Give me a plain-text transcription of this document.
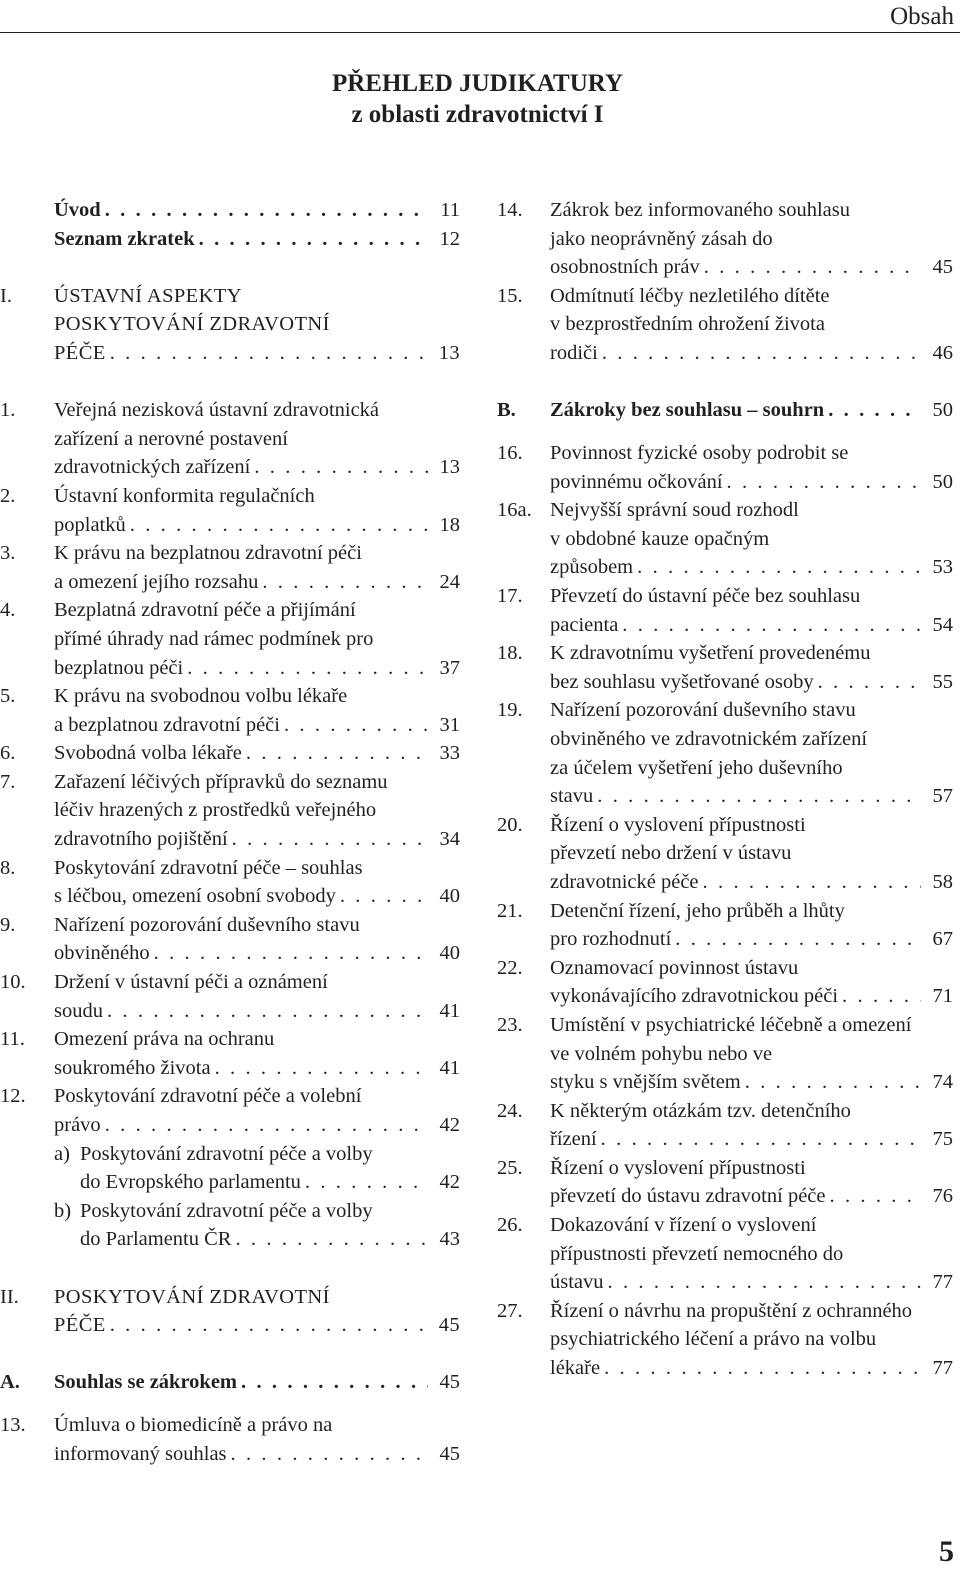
Obsah
PŘEHLED JUDIKATURY
z oblasti zdravotnictví I
Úvod . . .	11
Seznam zkratek . . .	12
I.	ÚSTAVNÍ ASPEKTY
POSKYTOVÁNÍ ZDRAVOTNÍ
PÉČE . . .	13
1.	Veřejná nezisková ústavní zdravotnická
zařízení a nerovné postavení
zdravotnických zařízení . . .	13
2.	Ústavní konformita regulačních
poplatků . . .	18
3.	K právu na bezplatnou zdravotní péči
a omezení jejího rozsahu . . .	24
4.	Bezplatná zdravotní péče a přijímání
přímé úhrady nad rámec podmínek pro
bezplatnou péči . . .	37
5.	K právu na svobodnou volbu lékaře
a bezplatnou zdravotní péči . . .	31
6.	Svobodná volba lékaře . . .	33
7.	Zařazení léčivých přípravků do seznamu
léčiv hrazených z prostředků veřejného
zdravotního pojištění . . .	34
8.	Poskytování zdravotní péče – souhlas
s léčbou, omezení osobní svobody . . .	40
9.	Nařízení pozorování duševního stavu
obviněného . . .	40
10.	Držení v ústavní péči a oznámení
soudu . . .	41
11.	Omezení práva na ochranu
soukromého života . . .	41
12.	Poskytování zdravotní péče a volební
právo . . .	42
a) Poskytování zdravotní péče a volby
do Evropského parlamentu . . .	42
b) Poskytování zdravotní péče a volby
do Parlamentu ČR . . .	43
II.	POSKYTOVÁNÍ ZDRAVOTNÍ
PÉČE . . .	45
A.	Souhlas se zákrokem . . .	45
13.	Úmluva o biomedicíně a právo na
informovaný souhlas . . .	45
14.	Zákrok bez informovaného souhlasu
jako neoprávněný zásah do
osobnostních práv . . .	45
15.	Odmítnutí léčby nezletilého dítěte
v bezprostředním ohrožení života
rodiči . . .	46
B.	Zákroky bez souhlasu – souhrn . . .	50
16.	Povinnost fyzické osoby podrobit se
povinnému očkování . . .	50
16a. Nejvyšší správní soud rozhodl
v obdobné kauze opačným
způsobem . . .	53
17.	Převzetí do ústavní péče bez souhlasu
pacienta . . .	54
18.	K zdravotnímu vyšetření provedenému
bez souhlasu vyšetřované osoby . . .	55
19.	Nařízení pozorování duševního stavu
obviněného ve zdravotnickém zařízení
za účelem vyšetření jeho duševního
stavu . . .	57
20.	Řízení o vyslovení přípustnosti
převzetí nebo držení v ústavu
zdravotnické péče . . .	58
21.	Detenční řízení, jeho průběh a lhůty
pro rozhodnutí . . .	67
22.	Oznamovací povinnost ústavu
vykonávajícího zdravotnickou péči . . .	71
23.	Umístění v psychiatrické léčebně a omezení
ve volném pohybu nebo ve
styku s vnějším světem . . .	74
24.	K některým otázkám tzv. detenčního
řízení . . .	75
25.	Řízení o vyslovení přípustnosti
převzetí do ústavu zdravotní péče . . .	76
26.	Dokazování v řízení o vyslovení
přípustnosti převzetí nemocného do
ústavu . . .	77
27.	Řízení o návrhu na propuštění z ochranného
psychiatrického léčení a právo na volbu
lékaře . . .	77
5
